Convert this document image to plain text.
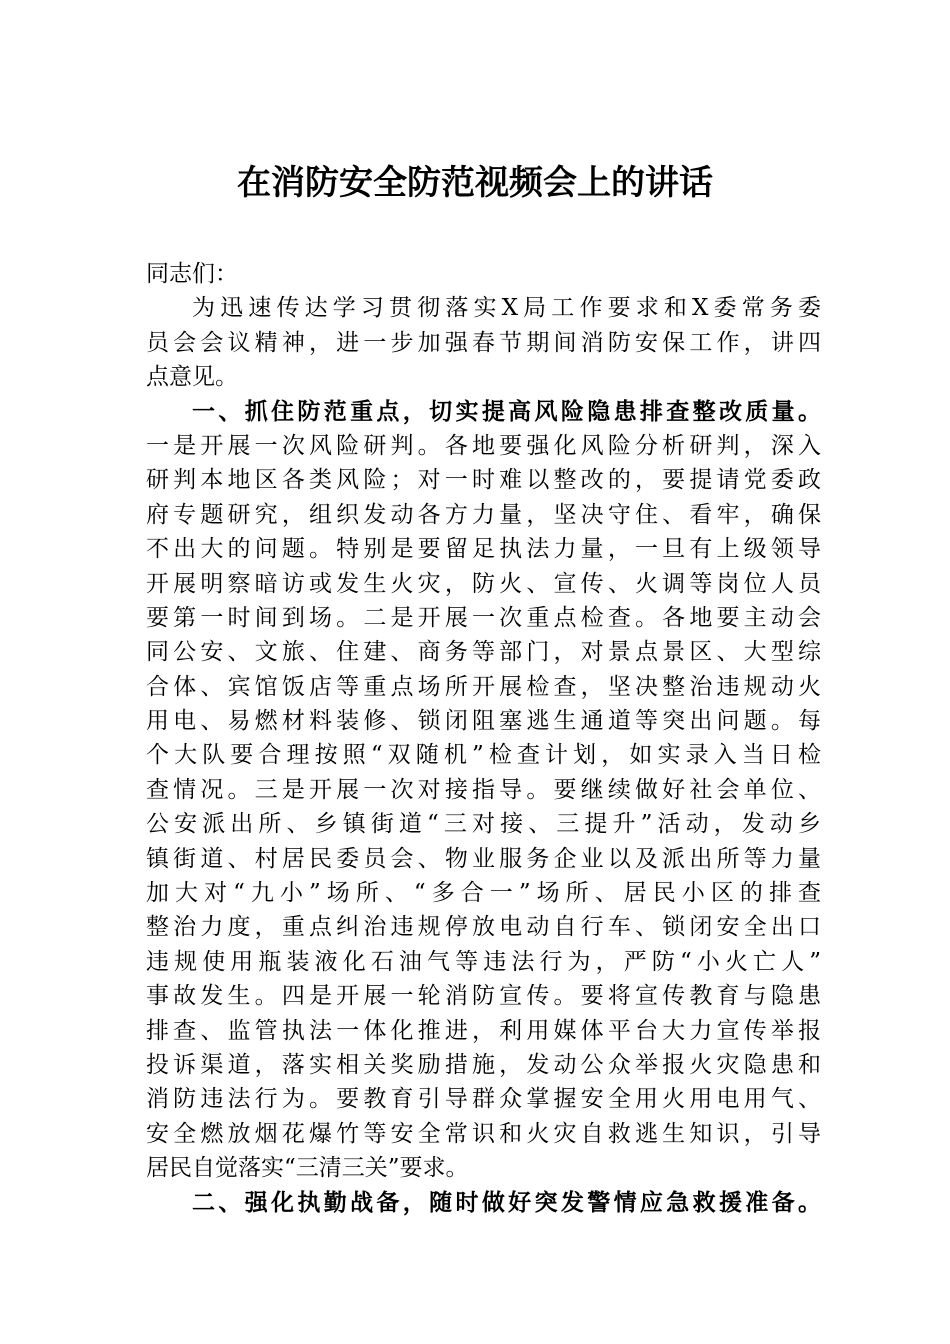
在消防安全防范视频会上的讲话
同志们：
为迅速传达学习贯彻落实X局工作要求和X委常务委
员会会议精神，进一步加强春节期间消防安保工作，讲四
点意见。
一、抓住防范重点，切实提高风险隐患排查整改质量。
一是开展一次风险研判。各地要强化风险分析研判，深入
研判本地区各类风险；对一时难以整改的，要提请党委政
府专题研究，组织发动各方力量，坚决守住、看牢，确保
不出大的问题。特别是要留足执法力量，一旦有上级领导
开展明察暗访或发生火灾，防火、宣传、火调等岗位人员
要第一时间到场。二是开展一次重点检查。各地要主动会
同公安、文旅、住建、商务等部门，对景点景区、大型综
合体、宾馆饭店等重点场所开展检查，坚决整治违规动火
用电、易燃材料装修、锁闭阻塞逃生通道等突出问题。每
个大队要合理按照“双随机”检查计划，如实录入当日检
查情况。三是开展一次对接指导。要继续做好社会单位、
公安派出所、乡镇街道“三对接、三提升”活动，发动乡
镇街道、村居民委员会、物业服务企业以及派出所等力量
加大对“九小”场所、“多合一”场所、居民小区的排查
整治力度，重点纠治违规停放电动自行车、锁闭安全出口
违规使用瓶装液化石油气等违法行为，严防“小火亡人”
事故发生。四是开展一轮消防宣传。要将宣传教育与隐患
排查、监管执法一体化推进，利用媒体平台大力宣传举报
投诉渠道，落实相关奖励措施，发动公众举报火灾隐患和
消防违法行为。要教育引导群众掌握安全用火用电用气、
安全燃放烟花爆竹等安全常识和火灾自救逃生知识，引导
居民自觉落实“三清三关”要求。
二、强化执勤战备，随时做好突发警情应急救援准备。
